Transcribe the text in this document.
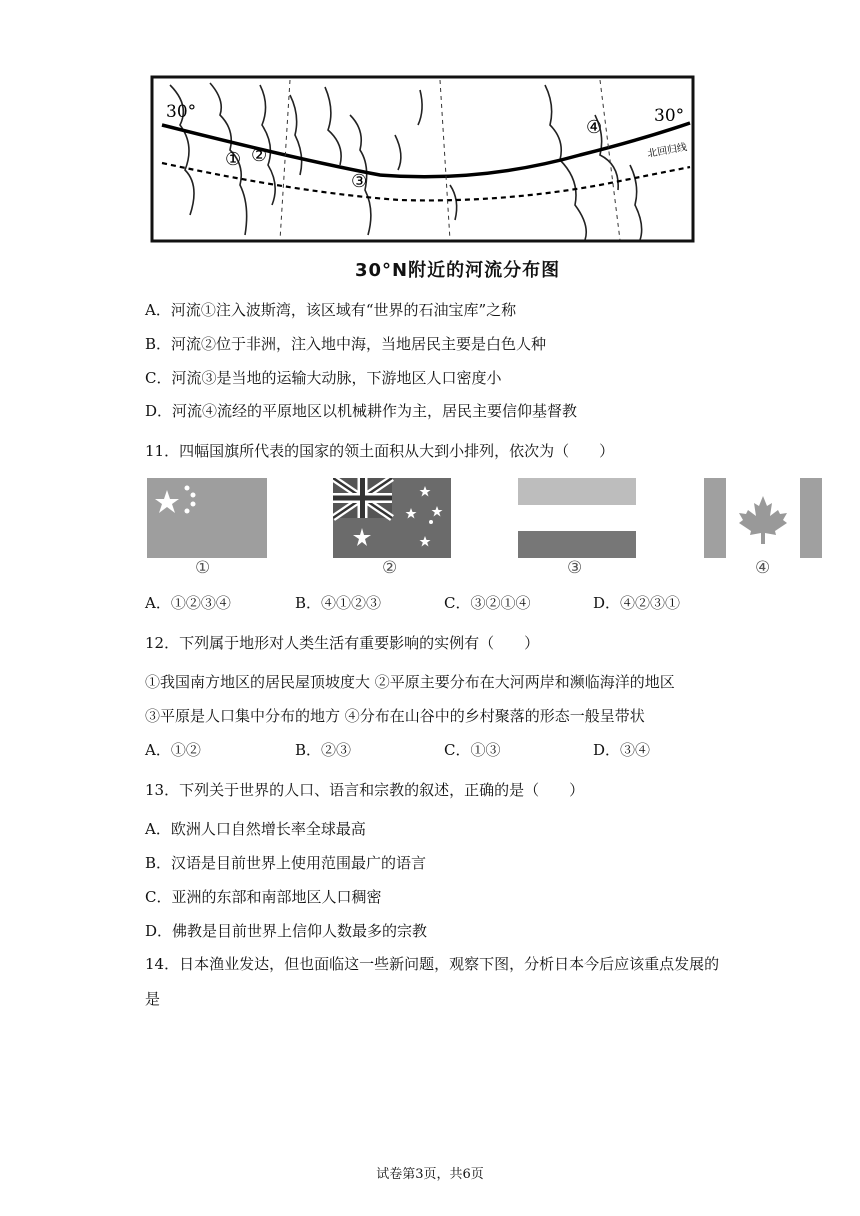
30°	30°
北回归线
① ②
③
④
30°N附近的河流分布图
A．河流①注入波斯湾，该区域有“世界的石油宝库”之称
B．河流②位于非洲，注入地中海，当地居民主要是白色人种
C．河流③是当地的运输大动脉，下游地区人口密度小
D．河流④流经的平原地区以机械耕作为主，居民主要信仰基督教
11．四幅国旗所代表的国家的领土面积从大到小排列，依次为（　　）
①	②	③	④
A．①②③④	B．④①②③	C．③②①④	D．④②③①
12．下列属于地形对人类生活有重要影响的实例有（　　）
①我国南方地区的居民屋顶坡度大 ②平原主要分布在大河两岸和濒临海洋的地区
③平原是人口集中分布的地方 ④分布在山谷中的乡村聚落的形态一般呈带状
A．①②	B．②③	C．①③	D．③④
13．下列关于世界的人口、语言和宗教的叙述，正确的是（　　）
A．欧洲人口自然增长率全球最高
B．汉语是目前世界上使用范围最广的语言
C．亚洲的东部和南部地区人口稠密
D．佛教是目前世界上信仰人数最多的宗教
14．日本渔业发达，但也面临这一些新问题，观察下图，分析日本今后应该重点发展的
是
试卷第3页，共6页
